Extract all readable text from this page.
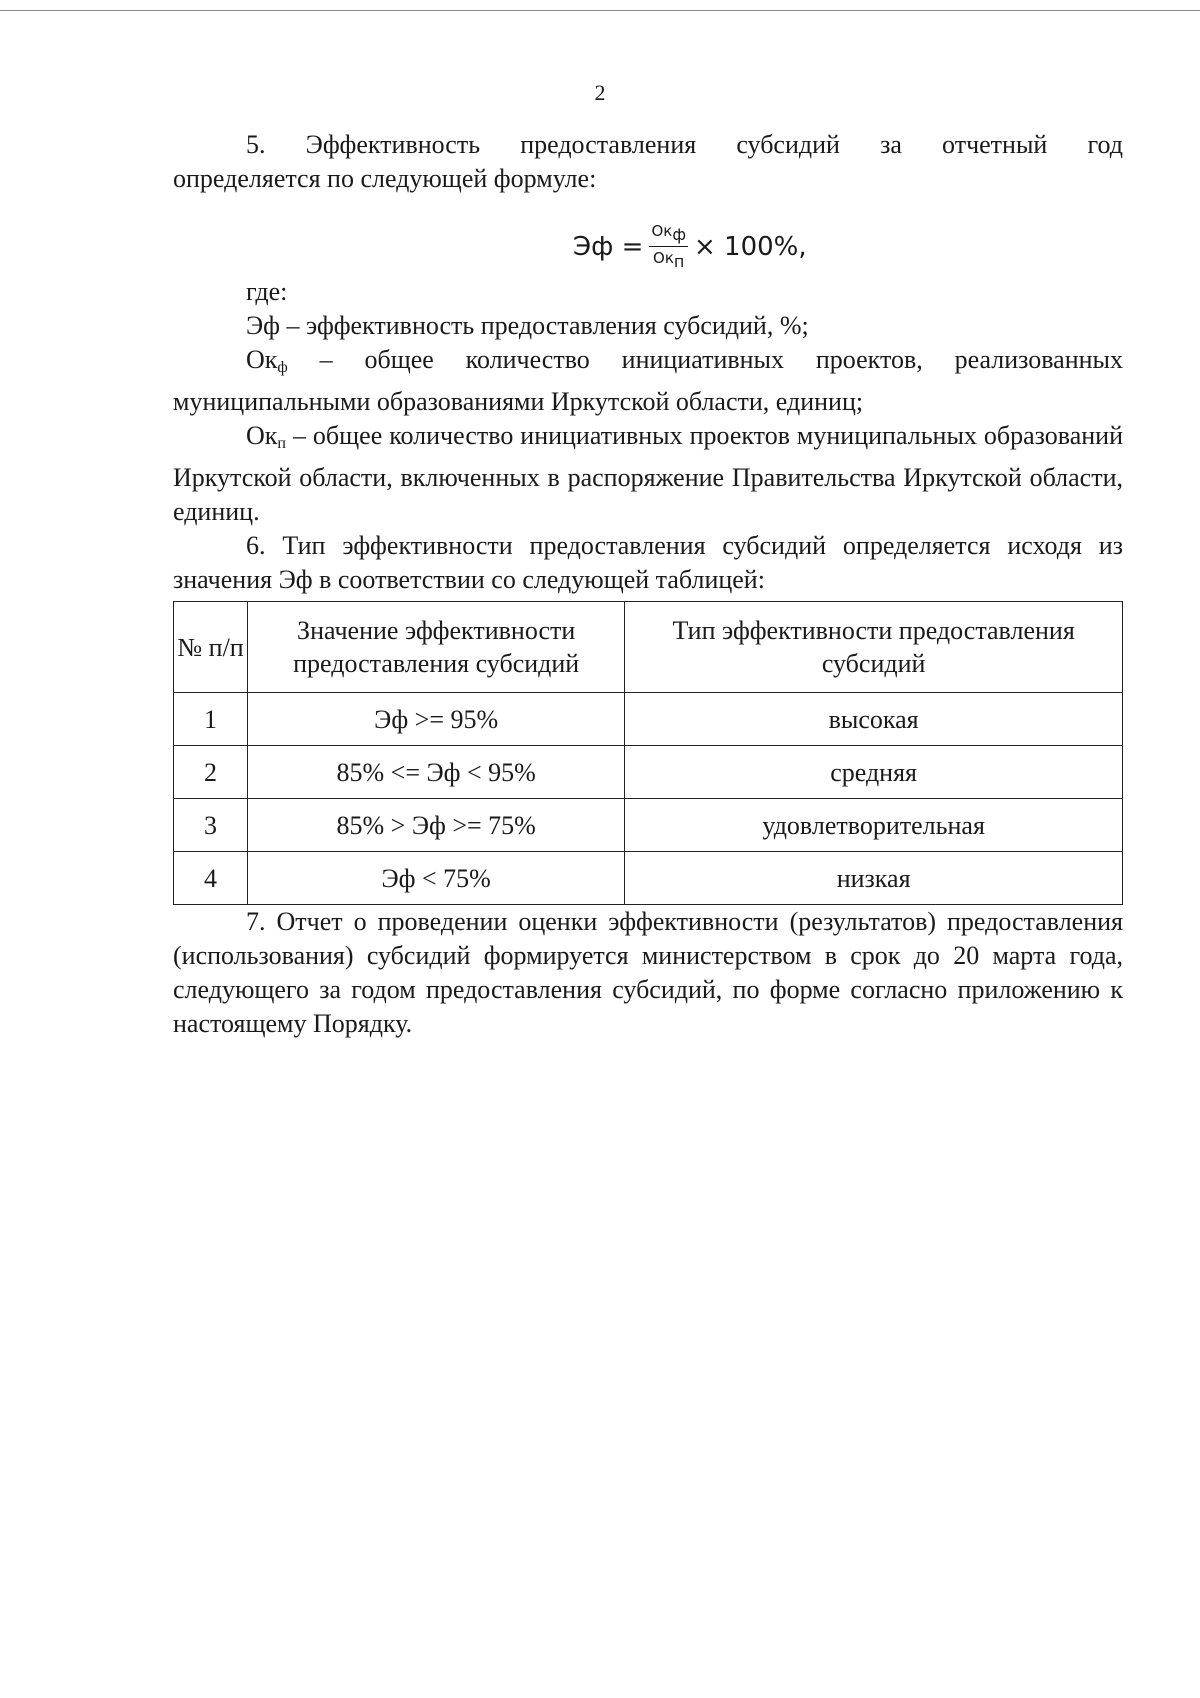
2

5. Эффективность предоставления субсидий за отчетный год

определяется по следующей формуле:

Эф = $\frac{\text{Окф}}{\text{Окп}} \times 100\%$,

где:

Эф – эффективность предоставления субсидий, %;

$Ок_ф$ – общее количество инициативных проектов, реализованных муниципальными образованиями Иркутской области, единиц;

$Ок_п$ – общее количество инициативных проектов муниципальных образований Иркутской области, включенных в распоряжение Правительства Иркутской области, единиц.

6. Тип эффективности предоставления субсидий определяется исходя из значения Эф в соответствии со следующей таблицей:

№ п/п	Значение эффективности предоставления субсидий	Тип эффективности предоставления субсидий
1	Эф >= 95%	высокая
2	85% <= Эф < 95%	средняя
3	85% > Эф >= 75%	удовлетворительная
4	Эф < 75%	низкая

7. Отчет о проведении оценки эффективности (результатов) предоставления (использования) субсидий формируется министерством в срок до 20 марта года, следующего за годом предоставления субсидий, по форме согласно приложению к настоящему Порядку.
